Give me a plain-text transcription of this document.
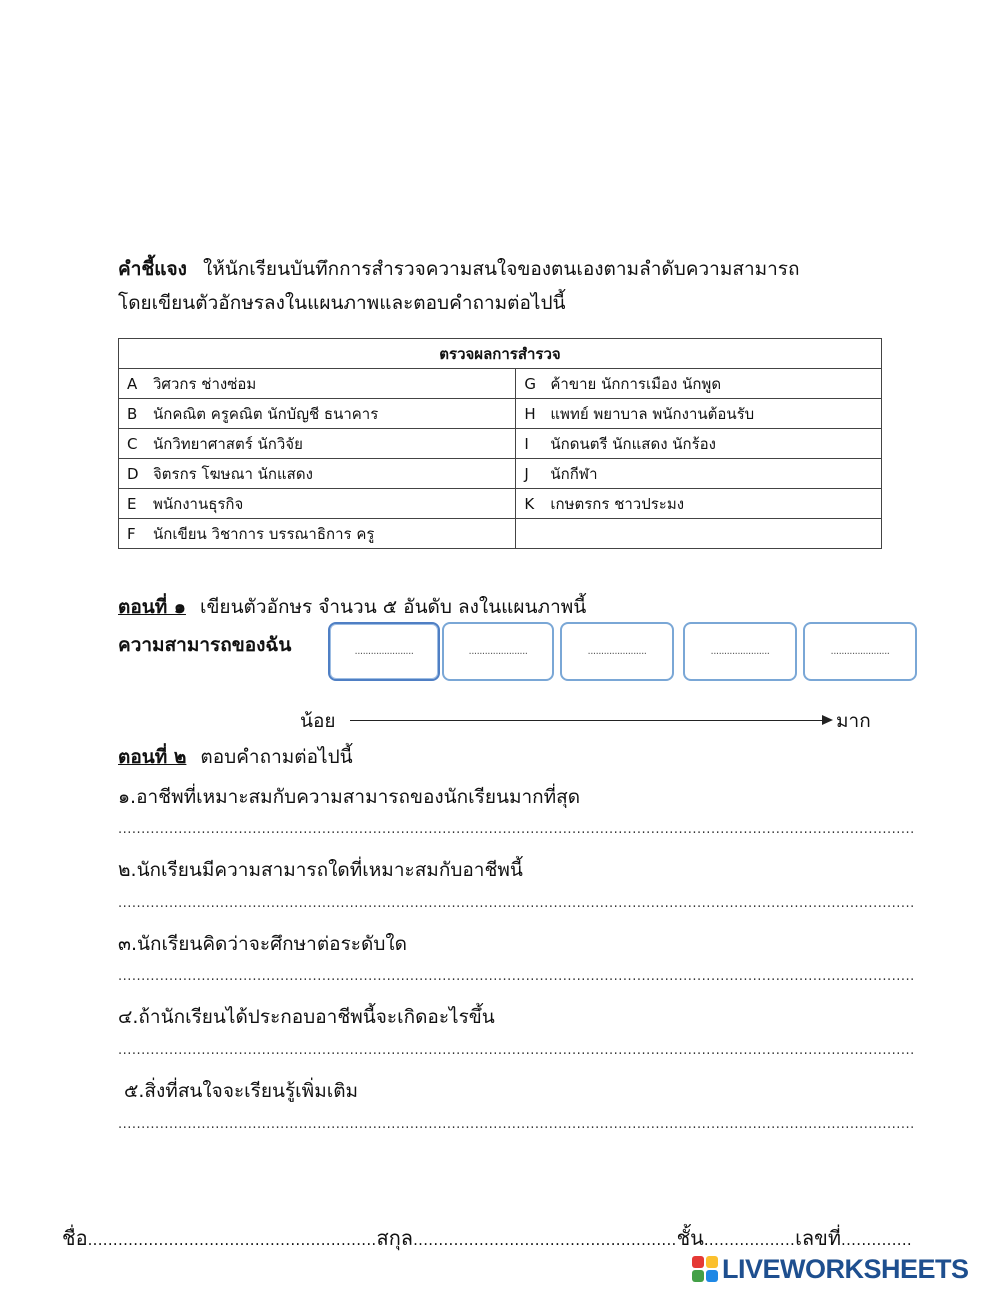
คำชี้แจง ให้นักเรียนบันทึกการสำรวจความสนใจของตนเองตามลำดับความสามารถ
โดยเขียนตัวอักษรลงในแผนภาพและตอบคำถามต่อไปนี้
ตรวจผลการสำรวจ	
A วิศวกร ช่างซ่อม	G ค้าขาย นักการเมือง นักพูด
B นักคณิต ครูคณิต นักบัญชี ธนาคาร	H แพทย์ พยาบาล พนักงานต้อนรับ
C นักวิทยาศาสตร์ นักวิจัย	I นักดนตรี นักแสดง นักร้อง
D จิตรกร โฆษณา นักแสดง	J นักกีฬา
E พนักงานธุรกิจ	K เกษตรกร ชาวประมง
F นักเขียน วิชาการ บรรณาธิการ ครู	
ตอนที่ ๑ เขียนตัวอักษร จำนวน ๕ อันดับ ลงในแผนภาพนี้
ความสามารถของฉัน	......................	......................	......................	......................	......................
น้อย	มาก
ตอนที่ ๒ ตอบคำถามต่อไปนี้
๑.อาชีพที่เหมาะสมกับความสามารถของนักเรียนมากที่สุด
............................................................................................................................................................................
๒.นักเรียนมีความสามารถใดที่เหมาะสมกับอาชีพนี้
............................................................................................................................................................................
๓.นักเรียนคิดว่าจะศึกษาต่อระดับใด
............................................................................................................................................................................
๔.ถ้านักเรียนได้ประกอบอาชีพนี้จะเกิดอะไรขึ้น
............................................................................................................................................................................
๕.สิ่งที่สนใจจะเรียนรู้เพิ่มเติม
............................................................................................................................................................................
ชื่อ.........................................................สกุล....................................................ชั้น..................เลขที่..............
LIVEWORKSHEETS
